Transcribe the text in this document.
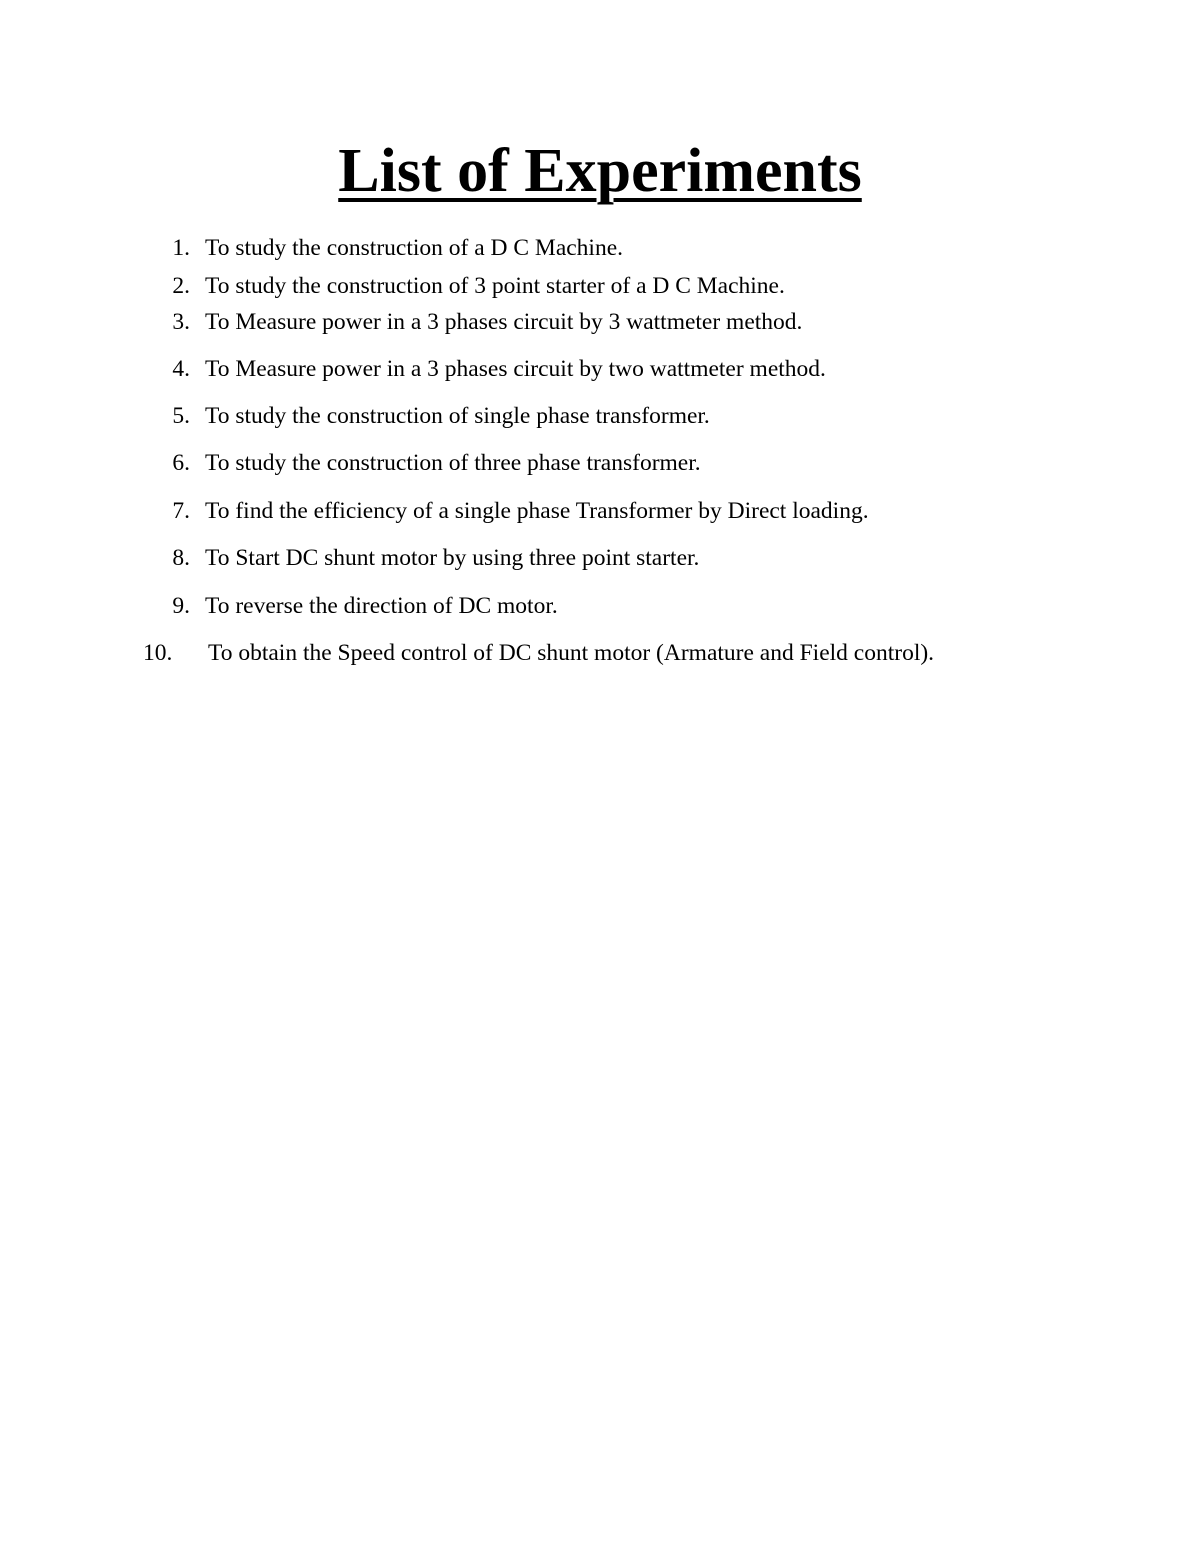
List of Experiments
1. To study the construction of a D C Machine.
2. To study the construction of 3 point starter of a D C Machine.
3. To Measure power in a 3 phases circuit by 3 wattmeter method.
4. To Measure power in a 3 phases circuit by two wattmeter method.
5. To study the construction of single phase transformer.
6. To study the construction of three phase transformer.
7. To find the efficiency of a single phase Transformer by Direct loading.
8. To Start DC shunt motor by using three point starter.
9. To reverse the direction of DC motor.
10. To obtain the Speed control of DC shunt motor (Armature and Field control).
